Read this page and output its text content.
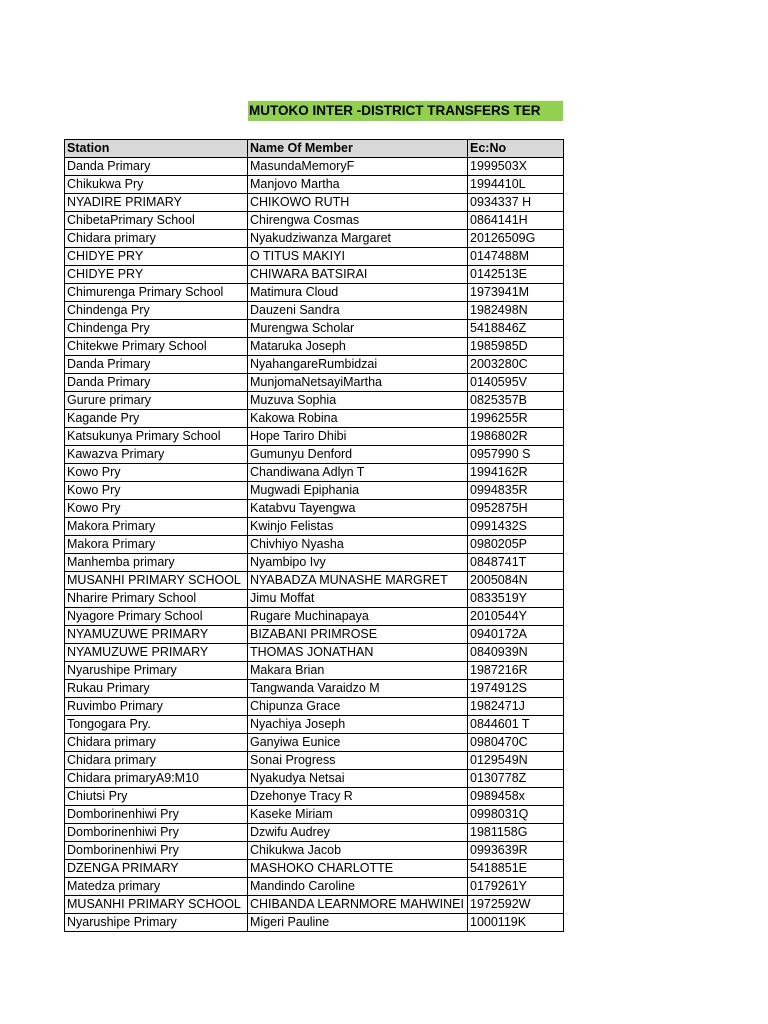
MUTOKO INTER -DISTRICT TRANSFERS TER
Station	Name Of Member	Ec:No
Danda Primary	MasundaMemoryF	1999503X
Chikukwa Pry	Manjovo Martha	1994410L
NYADIRE PRIMARY	CHIKOWO RUTH	0934337 H
ChibetaPrimary School	Chirengwa Cosmas	0864141H
Chidara primary	Nyakudziwanza Margaret	20126509G
CHIDYE PRY	O TITUS MAKIYI	0147488M
CHIDYE PRY	CHIWARA BATSIRAI	0142513E
Chimurenga Primary School	Matimura Cloud	1973941M
Chindenga Pry	Dauzeni Sandra	1982498N
Chindenga Pry	Murengwa Scholar	5418846Z
Chitekwe Primary School	Mataruka Joseph	1985985D
Danda Primary	NyahangareRumbidzai	2003280C
Danda Primary	MunjomaNetsayiMartha	0140595V
Gurure primary	Muzuva Sophia	0825357B
Kagande Pry	Kakowa Robina	1996255R
Katsukunya Primary School	Hope Tariro Dhibi	1986802R
Kawazva Primary	Gumunyu Denford	0957990 S
Kowo Pry	Chandiwana Adlyn T	1994162R
Kowo Pry	Mugwadi Epiphania	0994835R
Kowo Pry	Katabvu Tayengwa	0952875H
Makora Primary	Kwinjo Felistas	0991432S
Makora Primary	Chivhiyo Nyasha	0980205P
Manhemba primary	Nyambipo Ivy	0848741T
MUSANHI PRIMARY SCHOOL	NYABADZA MUNASHE MARGRET	2005084N
Nharire Primary School	Jimu Moffat	0833519Y
Nyagore Primary School	Rugare Muchinapaya	2010544Y
NYAMUZUWE PRIMARY	BIZABANI PRIMROSE	0940172A
NYAMUZUWE PRIMARY	THOMAS JONATHAN	0840939N
Nyarushipe Primary	Makara Brian	1987216R
Rukau Primary	Tangwanda Varaidzo M	1974912S
Ruvimbo Primary	Chipunza Grace	1982471J
Tongogara Pry.	Nyachiya Joseph	0844601 T
Chidara primary	Ganyiwa Eunice	0980470C
Chidara primary	Sonai Progress	0129549N
Chidara primaryA9:M10	Nyakudya Netsai	0130778Z
Chiutsi Pry	Dzehonye Tracy R	0989458x
Domborinenhiwi Pry	Kaseke Miriam	0998031Q
Domborinenhiwi Pry	Dzwifu Audrey	1981158G
Domborinenhiwi Pry	Chikukwa Jacob	0993639R
DZENGA PRIMARY	MASHOKO CHARLOTTE	5418851E
Matedza primary	Mandindo Caroline	0179261Y
MUSANHI PRIMARY SCHOOL	CHIBANDA LEARNMORE MAHWINEI	1972592W
Nyarushipe Primary	Migeri Pauline	1000119K
